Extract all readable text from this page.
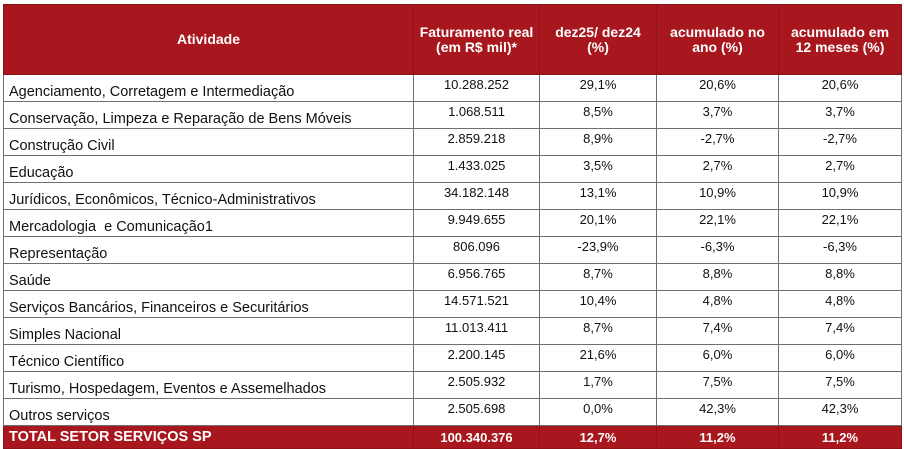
Atividade	Faturamento real (em R$ mil)*	dez25/ dez24 (%)	acumulado no ano (%)	acumulado em 12 meses (%)
Agenciamento, Corretagem e Intermediação	10.288.252	29,1%	20,6%	20,6%
Conservação, Limpeza e Reparação de Bens Móveis	1.068.511	8,5%	3,7%	3,7%
Construção Civil	2.859.218	8,9%	-2,7%	-2,7%
Educação	1.433.025	3,5%	2,7%	2,7%
Jurídicos, Econômicos, Técnico-Administrativos	34.182.148	13,1%	10,9%	10,9%
Mercadologia  e Comunicação1	9.949.655	20,1%	22,1%	22,1%
Representação	806.096	-23,9%	-6,3%	-6,3%
Saúde	6.956.765	8,7%	8,8%	8,8%
Serviços Bancários, Financeiros e Securitários	14.571.521	10,4%	4,8%	4,8%
Simples Nacional	11.013.411	8,7%	7,4%	7,4%
Técnico Científico	2.200.145	21,6%	6,0%	6,0%
Turismo, Hospedagem, Eventos e Assemelhados	2.505.932	1,7%	7,5%	7,5%
Outros serviços	2.505.698	0,0%	42,3%	42,3%
TOTAL SETOR SERVIÇOS SP	100.340.376	12,7%	11,2%	11,2%
